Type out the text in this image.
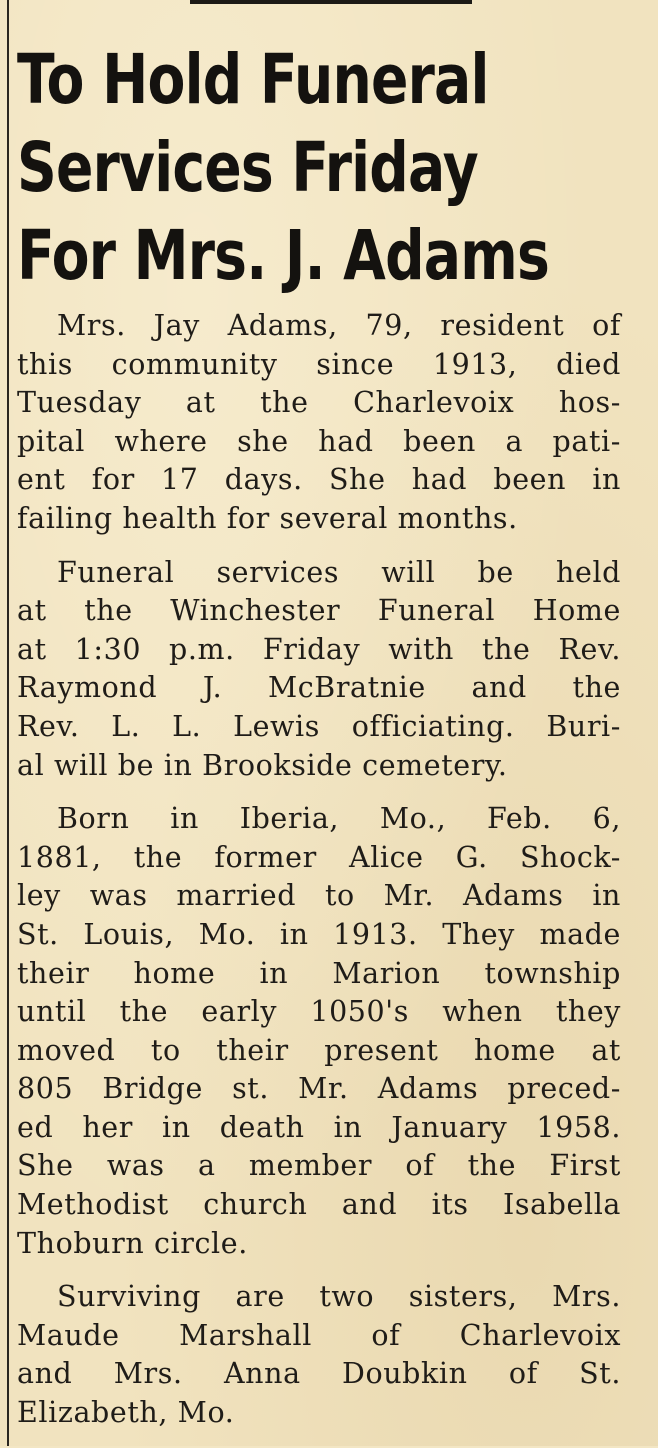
To Hold Funeral
Services Friday
For Mrs. J. Adams

Mrs. Jay Adams, 79, resident of
this community since 1913, died
Tuesday at the Charlevoix hos-
pital where she had been a pati-
ent for 17 days. She had been in
failing health for several months.

Funeral services will be held
at the Winchester Funeral Home
at 1:30 p.m. Friday with the Rev.
Raymond J. McBratnie and the
Rev. L. L. Lewis officiating. Buri-
al will be in Brookside cemetery.

Born in Iberia, Mo., Feb. 6,
1881, the former Alice G. Shock-
ley was married to Mr. Adams in
St. Louis, Mo. in 1913. They made
their home in Marion township
until the early 1050's when they
moved to their present home at
805 Bridge st. Mr. Adams preced-
ed her in death in January 1958.
She was a member of the First
Methodist church and its Isabella
Thoburn circle.

Surviving are two sisters, Mrs.
Maude Marshall of Charlevoix
and Mrs. Anna Doubkin of St.
Elizabeth, Mo.
